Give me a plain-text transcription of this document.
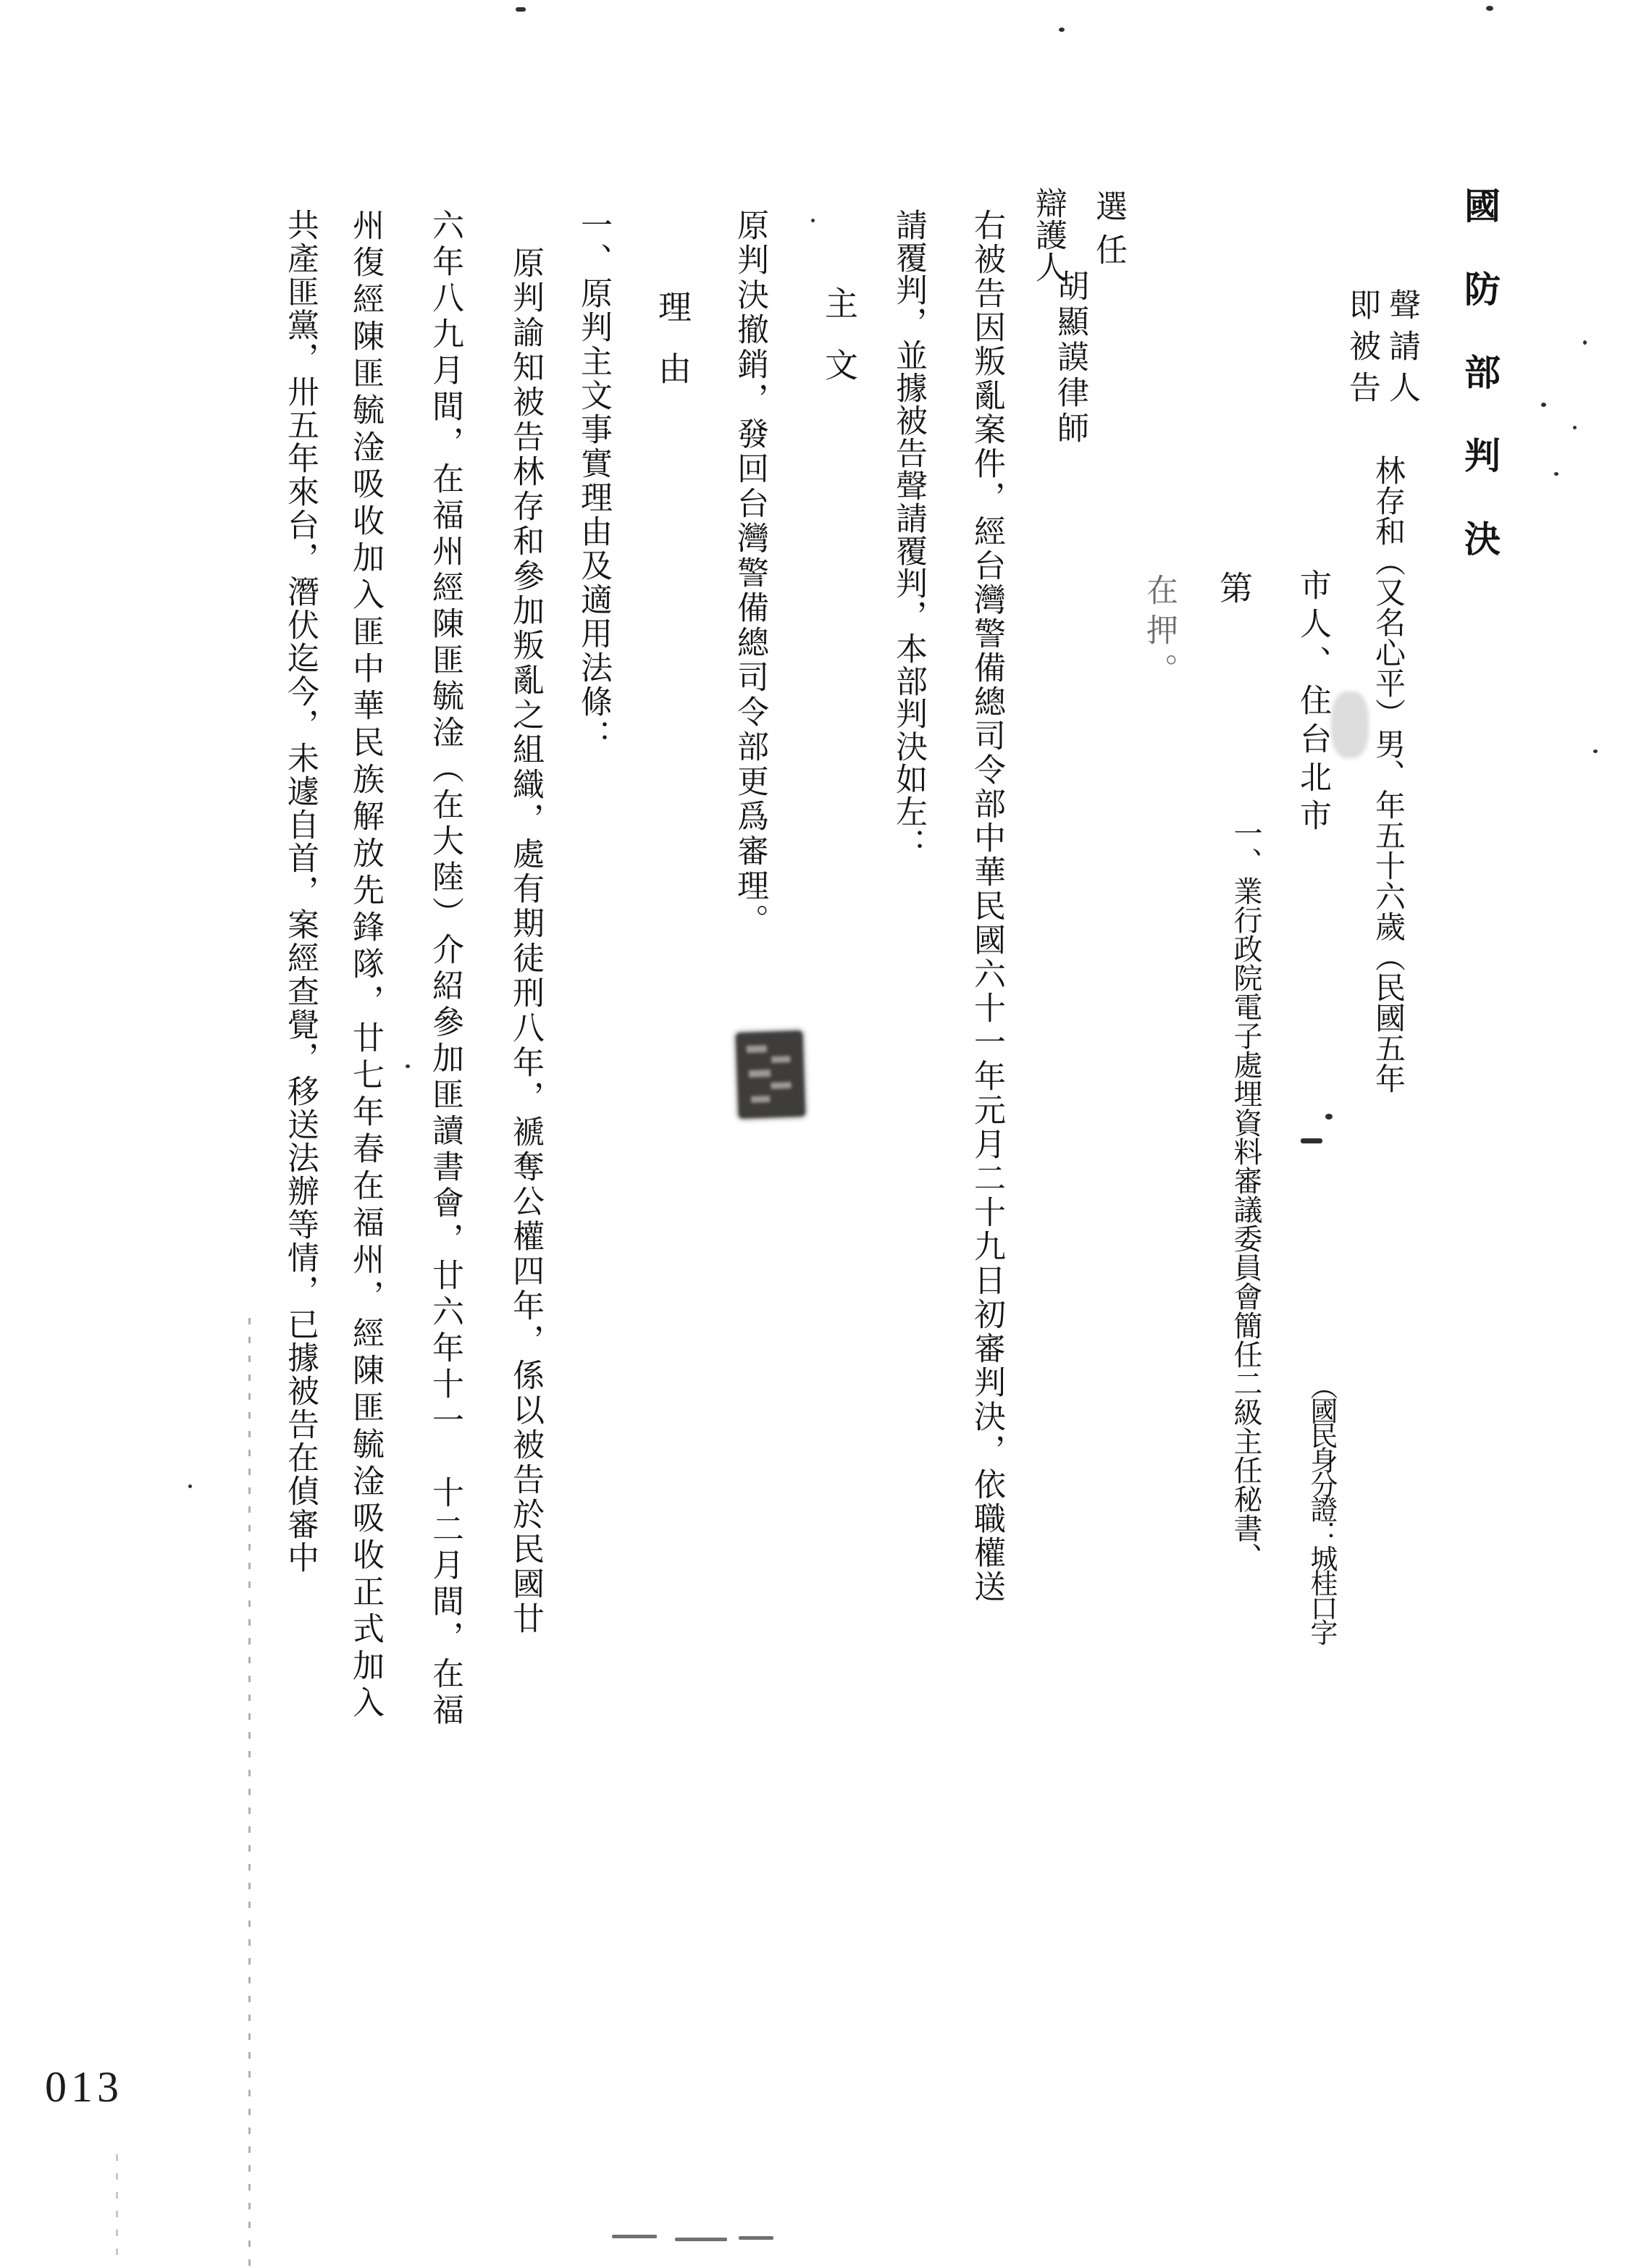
國防部判決
聲請人
即被告
林存和（又名心平）男、年五十六歲（民國五年
市人、住台北市
第
在押。
一、業行政院電子處埋資料審議委員會簡任二級主任秘書、 （國民身分證：城桂口字
選任
辯護人
胡顯謨律師
右被告因叛亂案件，經台灣警備總司令部中華民國六十一年元月二十九日初審判決，依職權送
請覆判，並據被告聲請覆判，本部判決如左：
主文
原判決撤銷，發回台灣警備總司令部更爲審理。
理由
一、原判主文事實理由及適用法條：
原判諭知被告林存和參加叛亂之組織，處有期徒刑八年，褫奪公權四年，係以被告於民國廿
六年八九月間，在福州經陳匪毓淦（在大陸）介紹參加匪讀書會，廿六年十一　十二月間，在福
州復經陳匪毓淦吸收加入匪中華民族解放先鋒隊，廿七年春在福州，經陳匪毓淦吸收正式加入
共產匪黨，卅五年來台，潛伏迄今，未遽自首，案經查覺，移送法辦等情，已據被告在偵審中
013
